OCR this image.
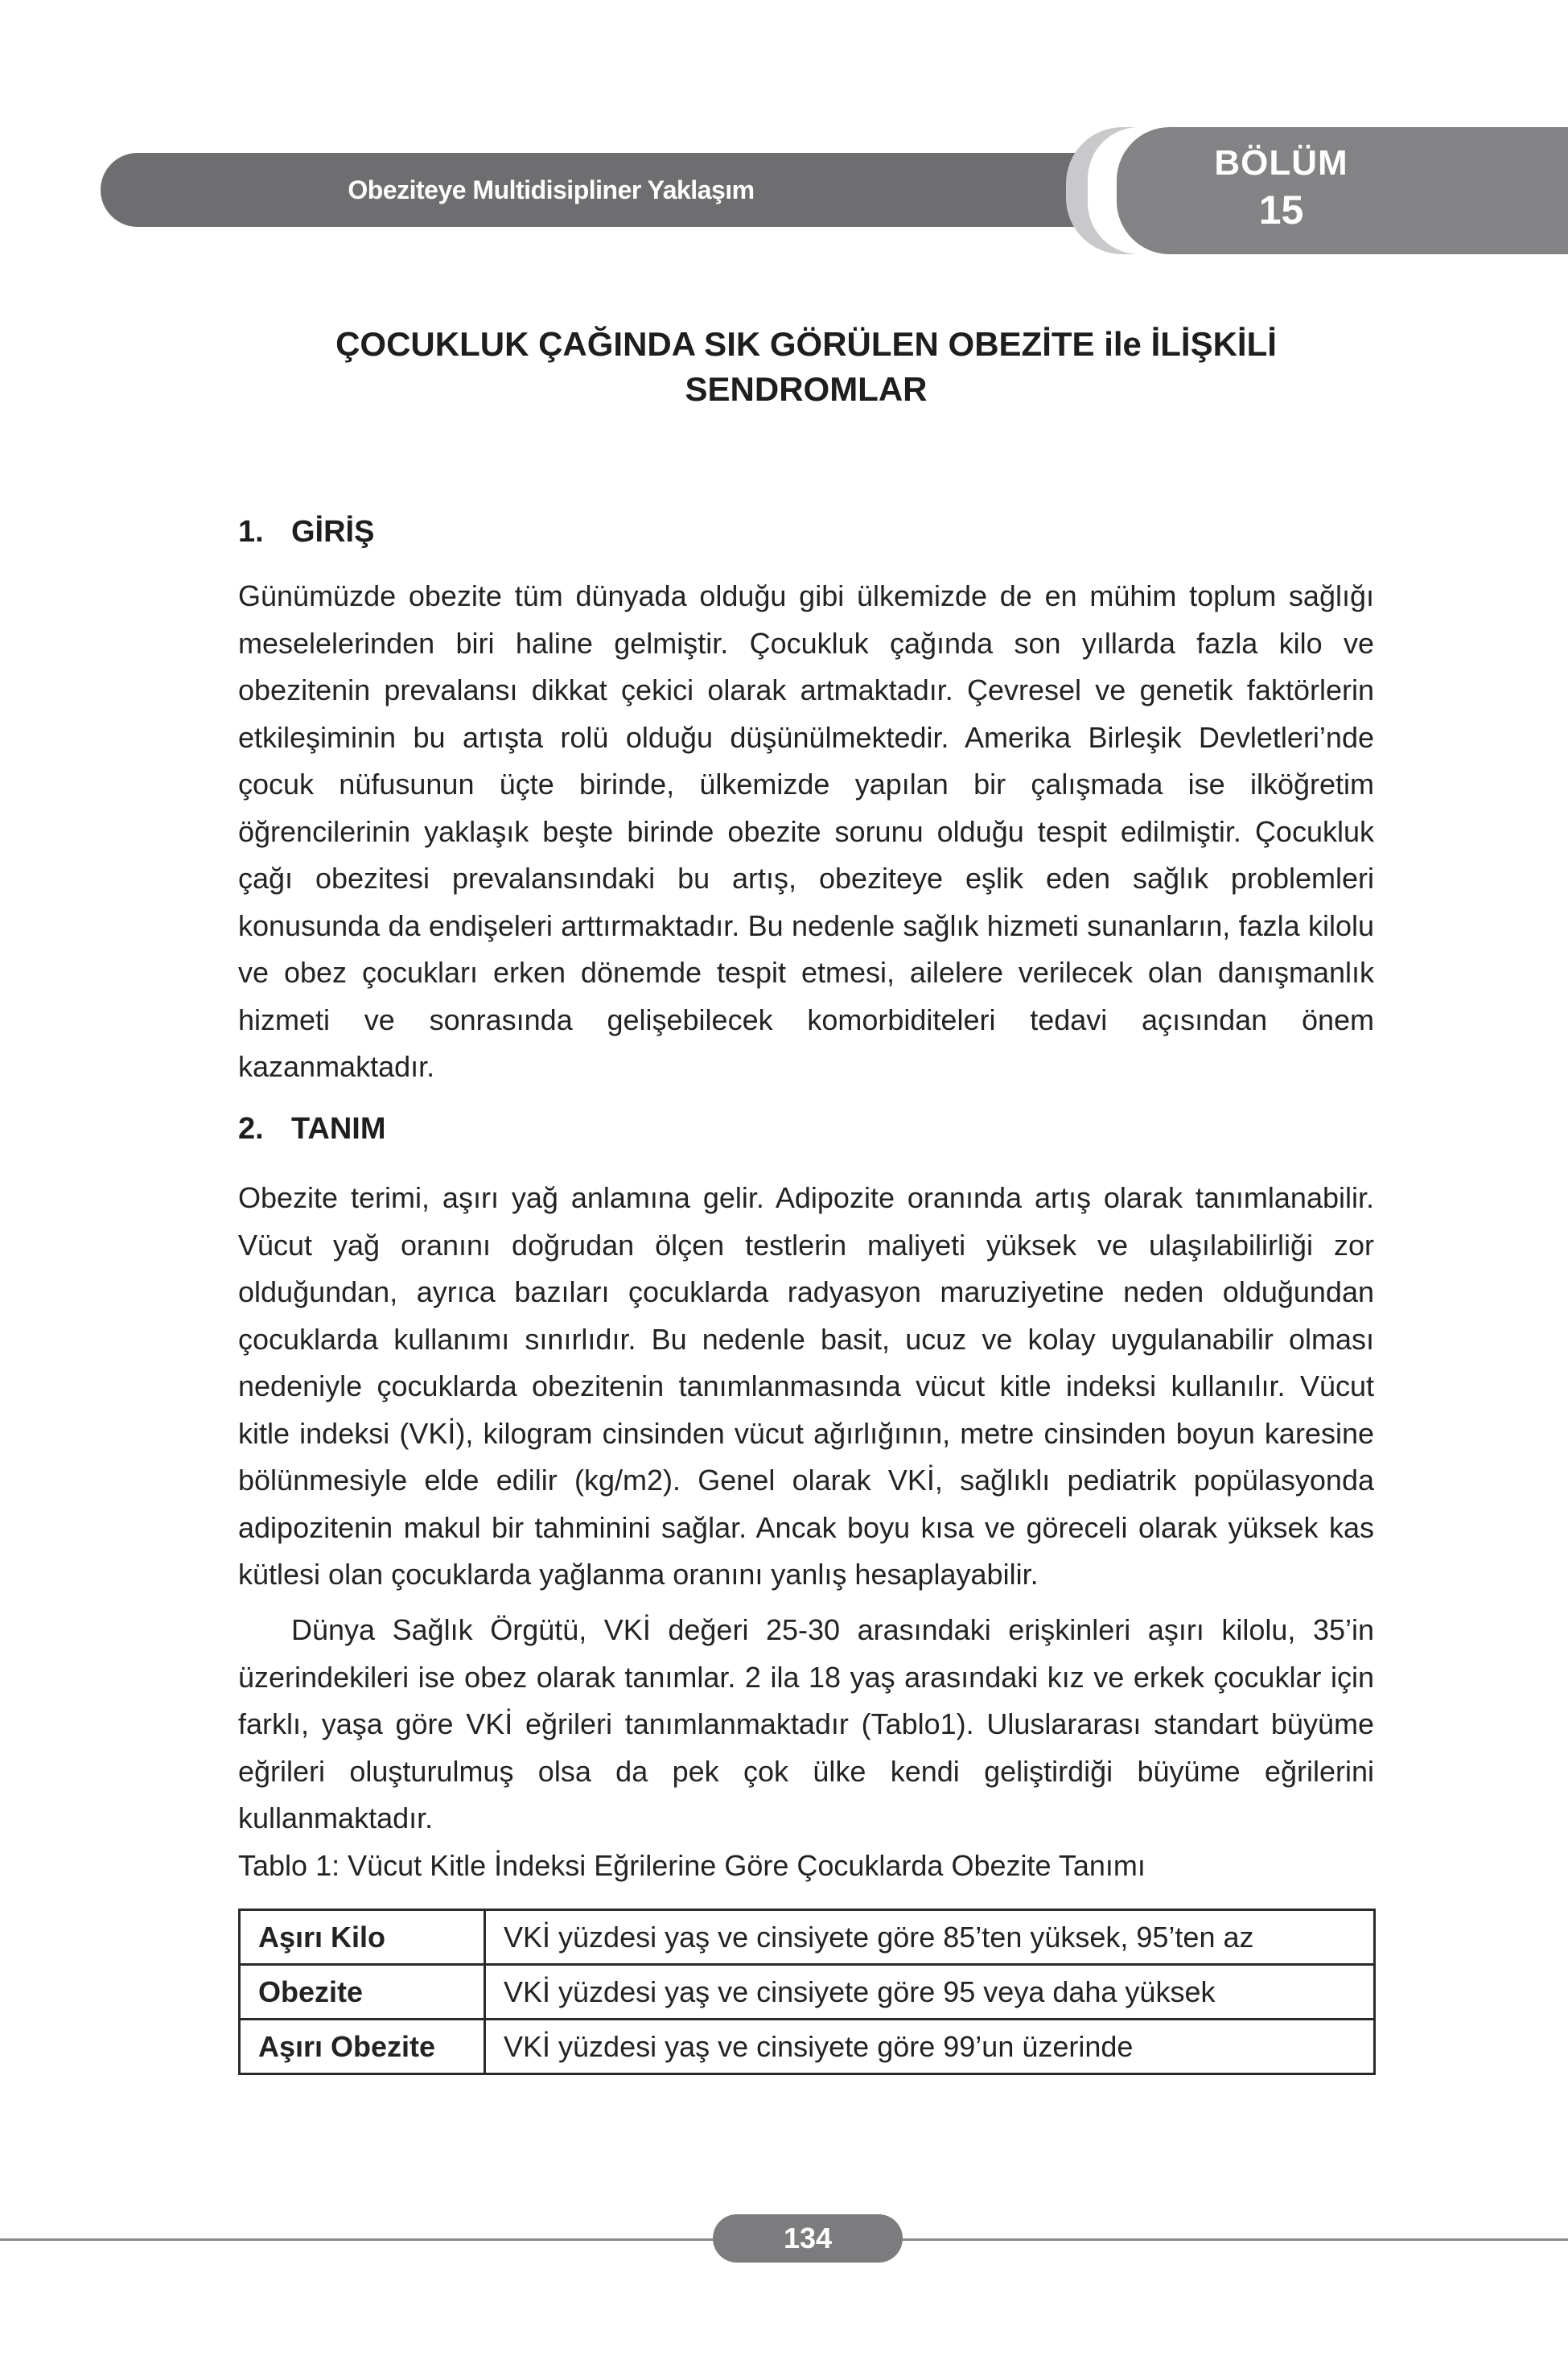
Obeziteye Multidisipliner Yaklaşım
BÖLÜM
15
ÇOCUKLUK ÇAĞINDA SIK GÖRÜLEN OBEZİTE ile İLİŞKİLİ
SENDROMLAR
1. GİRİŞ

Günümüzde obezite tüm dünyada olduğu gibi ülkemizde de en mühim toplum sağlığı meselelerinden biri haline gelmiştir. Çocukluk çağında son yıllarda fazla kilo ve obezitenin prevalansı dikkat çekici olarak artmaktadır. Çevresel ve genetik faktörlerin etkileşiminin bu artışta rolü olduğu düşünülmektedir. Amerika Birleşik Devletleri’nde çocuk nüfusunun üçte birinde, ülkemizde yapılan bir çalışmada ise ilköğretim öğrencilerinin yaklaşık beşte birinde obezite sorunu olduğu tespit edilmiştir. Çocukluk çağı obezitesi prevalansındaki bu artış, obeziteye eşlik eden sağlık problemleri konusunda da endişeleri arttırmaktadır. Bu nedenle sağlık hizmeti sunanların, fazla kilolu ve obez çocukları erken dönemde tespit etmesi, ailelere verilecek olan danışmanlık hizmeti ve sonrasında gelişebilecek komorbiditeleri tedavi açısından önem kazanmaktadır.

2. TANIM

Obezite terimi, aşırı yağ anlamına gelir. Adipozite oranında artış olarak tanımlanabilir. Vücut yağ oranını doğrudan ölçen testlerin maliyeti yüksek ve ulaşılabilirliği zor olduğundan, ayrıca bazıları çocuklarda radyasyon maruziyetine neden olduğundan çocuklarda kullanımı sınırlıdır. Bu nedenle basit, ucuz ve kolay uygulanabilir olması nedeniyle çocuklarda obezitenin tanımlanmasında vücut kitle indeksi kullanılır. Vücut kitle indeksi (VKİ), kilogram cinsinden vücut ağırlığının, metre cinsinden boyun karesine bölünmesiyle elde edilir (kg/m2). Genel olarak VKİ, sağlıklı pediatrik popülasyonda adipozitenin makul bir tahminini sağlar. Ancak boyu kısa ve göreceli olarak yüksek kas kütlesi olan çocuklarda yağlanma oranını yanlış hesaplayabilir.

Dünya Sağlık Örgütü, VKİ değeri 25-30 arasındaki erişkinleri aşırı kilolu, 35’in üzerindekileri ise obez olarak tanımlar. 2 ila 18 yaş arasındaki kız ve erkek çocuklar için farklı, yaşa göre VKİ eğrileri tanımlanmaktadır (Tablo1). Uluslararası standart büyüme eğrileri oluşturulmuş olsa da pek çok ülke kendi geliştirdiği büyüme eğrilerini kullanmaktadır.

Tablo 1: Vücut Kitle İndeksi Eğrilerine Göre Çocuklarda Obezite Tanımı
Aşırı Kilo	VKİ yüzdesi yaş ve cinsiyete göre 85’ten yüksek, 95’ten az
Obezite	VKİ yüzdesi yaş ve cinsiyete göre 95 veya daha yüksek
Aşırı Obezite	VKİ yüzdesi yaş ve cinsiyete göre 99’un üzerinde
134
